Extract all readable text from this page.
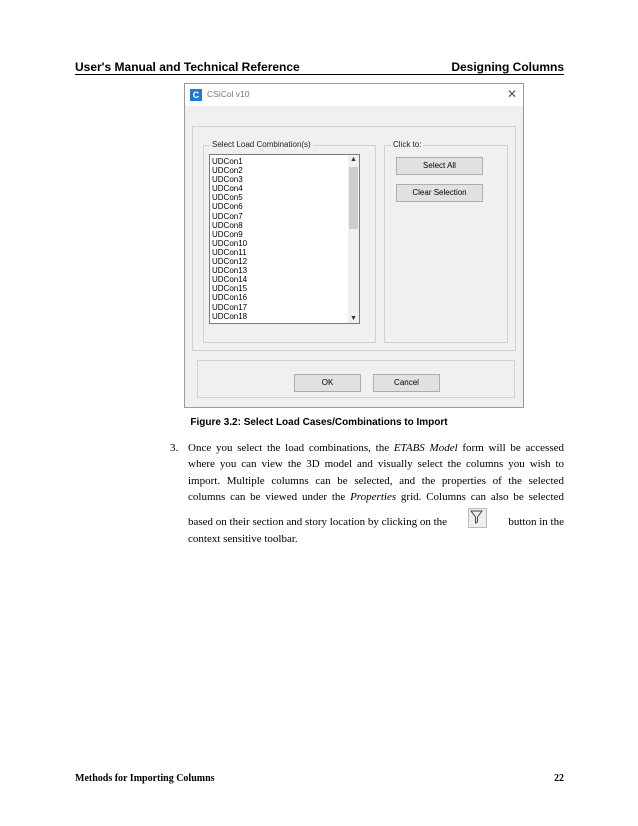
User's Manual and Technical Reference	Designing Columns
C CSiCol v10	✕
Select Load Combination(s)	Click to:
UDCon1
UDCon2
UDCon3
UDCon4
UDCon5
UDCon6
UDCon7
UDCon8
UDCon9
UDCon10
UDCon11
UDCon12
UDCon13
UDCon14
UDCon15
UDCon16
UDCon17
UDCon18
▲
▼
Select All
Clear Selection
OK	Cancel
Figure 3.2: Select Load Cases/Combinations to Import
3. Once you select the load combinations, the ETABS Model form will be accessed
where you can view the 3D model and visually select the columns you wish to
import. Multiple columns can be selected, and the properties of the selected
columns can be viewed under the Properties grid. Columns can also be selected
based on their section and story location by clicking on the	button in the
context sensitive toolbar.
Methods for Importing Columns	22
